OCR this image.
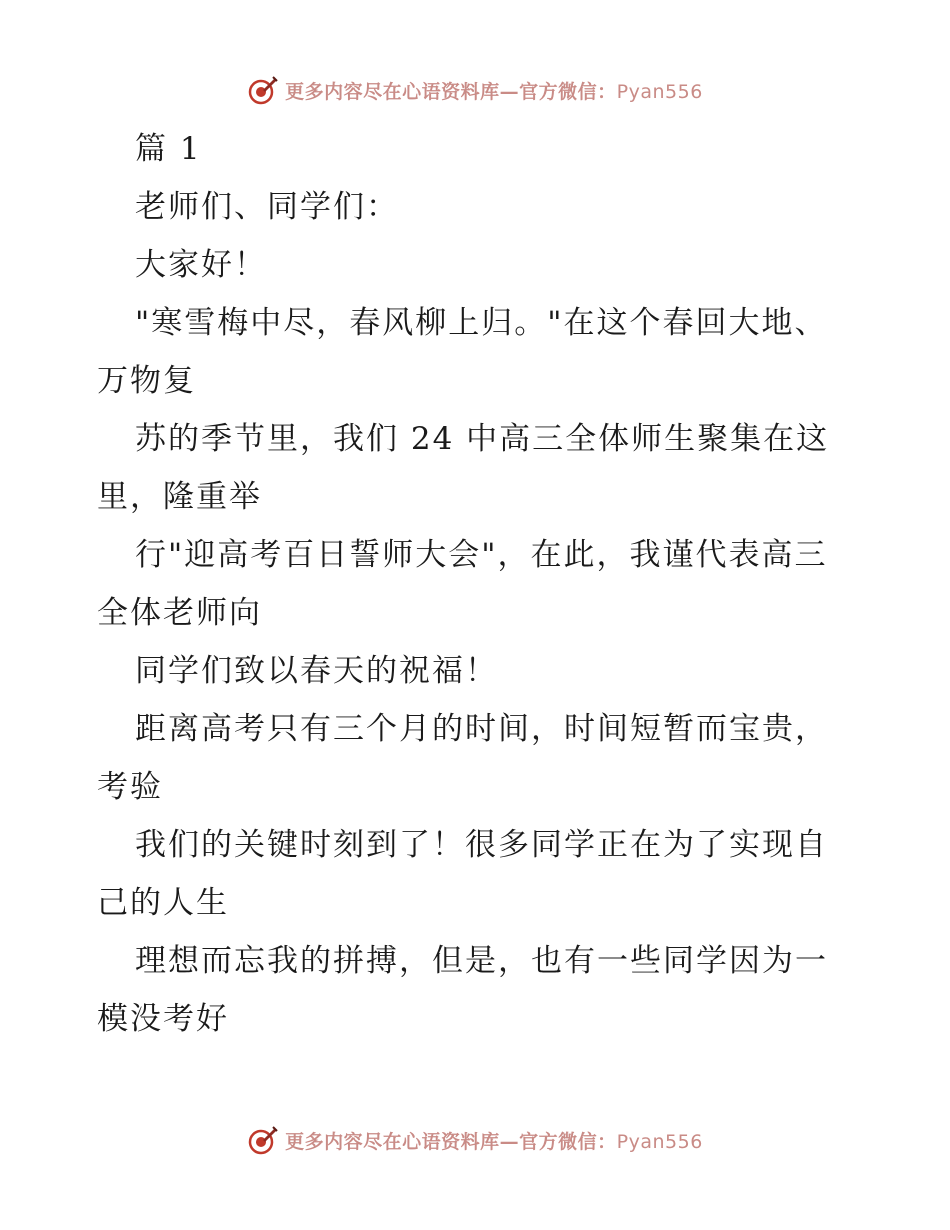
更多内容尽在心语资料库—官方微信：Pyan556
篇 1
老师们、同学们：
大家好！
"寒雪梅中尽，春风柳上归。"在这个春回大地、
万物复
苏的季节里，我们 24 中高三全体师生聚集在这
里，隆重举
行"迎高考百日誓师大会"，在此，我谨代表高三
全体老师向
同学们致以春天的祝福！
距离高考只有三个月的时间，时间短暂而宝贵，
考验
我们的关键时刻到了！很多同学正在为了实现自
己的人生
理想而忘我的拼搏，但是，也有一些同学因为一
模没考好
更多内容尽在心语资料库—官方微信：Pyan556
